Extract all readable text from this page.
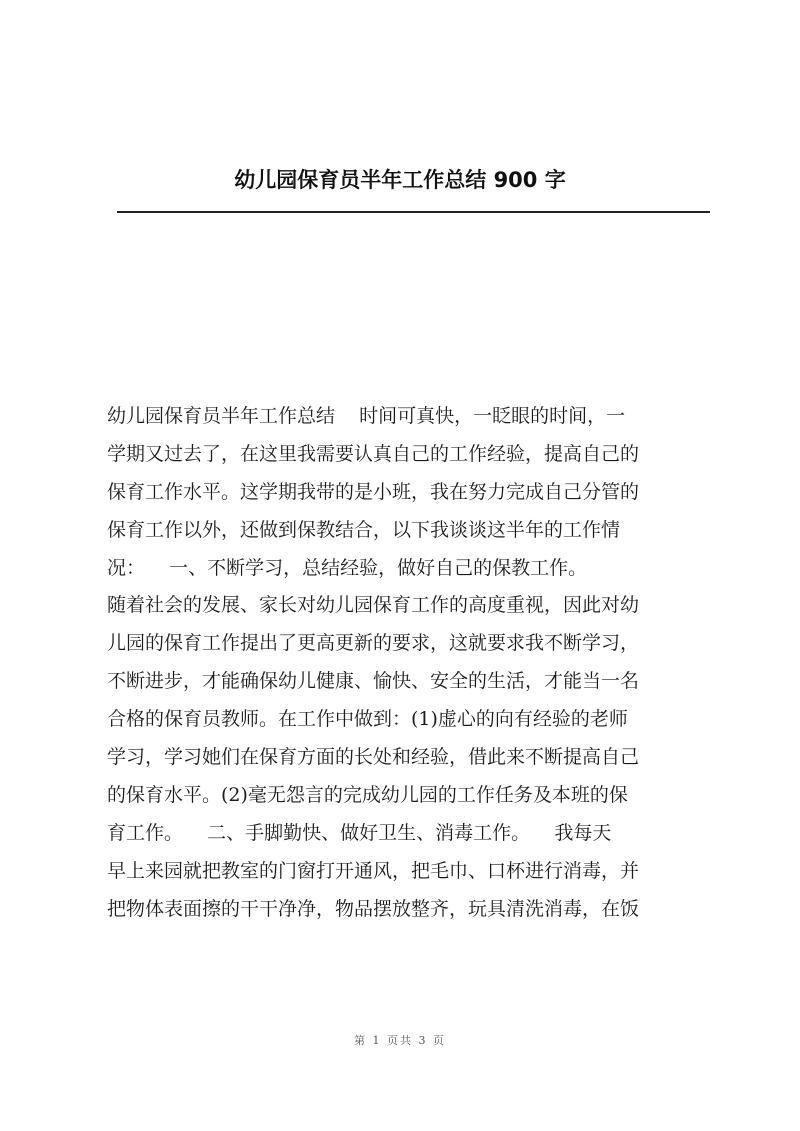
幼儿园保育员半年工作总结 900 字
幼儿园保育员半年工作总结    时间可真快，一眨眼的时间，一
学期又过去了，在这里我需要认真自己的工作经验，提高自己的
保育工作水平。这学期我带的是小班，我在努力完成自己分管的
保育工作以外，还做到保教结合，以下我谈谈这半年的工作情
况：    一、不断学习，总结经验，做好自己的保教工作。
随着社会的发展、家长对幼儿园保育工作的高度重视，因此对幼
儿园的保育工作提出了更高更新的要求，这就要求我不断学习，
不断进步，才能确保幼儿健康、愉快、安全的生活，才能当一名
合格的保育员教师。在工作中做到：(1)虚心的向有经验的老师
学习，学习她们在保育方面的长处和经验，借此来不断提高自己
的保育水平。(2)毫无怨言的完成幼儿园的工作任务及本班的保
育工作。    二、手脚勤快、做好卫生、消毒工作。    我每天
早上来园就把教室的门窗打开通风，把毛巾、口杯进行消毒，并
把物体表面擦的干干净净，物品摆放整齐，玩具清洗消毒，在饭
第 1 页共 3 页
